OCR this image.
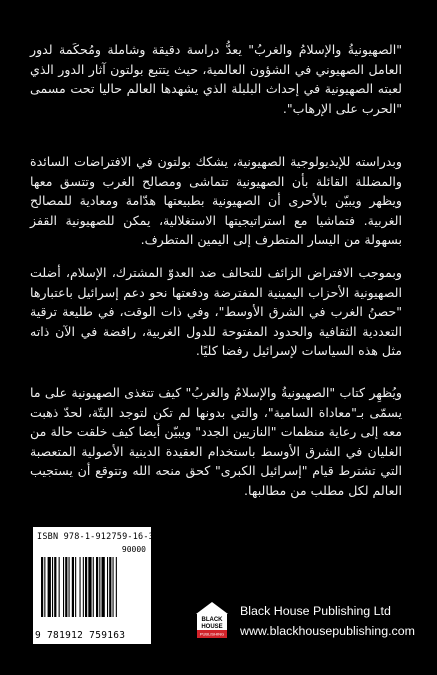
"الصهيونيةُ والإسلامُ والغربُ" يعدُّ دراسة دقيقة وشاملة ومُحكَمة لدور العامل الصهيوني في الشؤون العالمية، حيث يتتبع بولتون آثار الدور الذي لعبته الصهيونية في إحداث البلبلة الذي يشهدها العالم حاليا تحت مسمى "الحرب على الإرهاب".

وبدراسته للإيديولوجية الصهيونية، يشكك بولتون في الافتراضات السائدة والمضللة القائلة بأن الصهيونية تتماشى ومصالح الغرب وتتسق معها ويظهر ويبيّن بالأحرى أن الصهيونية بطبيعتها هدّامة ومعادية للمصالح الغربية. فتماشيا مع استراتيجيتها الاستغلالية، يمكن للصهيونية القفز بسهولة من اليسار المتطرف إلى اليمين المتطرف.

وبموجب الافتراض الزائف للتحالف ضد العدوّ المشترك، الإسلام، أضلت الصهيونية الأحزاب اليمينية المفترضة ودفعتها نحو دعم إسرائيل باعتبارها "حصنُ الغرب في الشرق الأوسط"، وفي ذات الوقت، في طليعة ترقية التعددية الثقافية والحدود المفتوحة للدول الغربية، رافضة في الآن ذاته مثل هذه السياسات لإسرائيل رفضا كليًا.

ويُظهِر كتاب "الصهيونيةُ والإسلامُ والغربُ" كيف تتغذى الصهيونية على ما يسمّى بـ"معاداة السامية"، والتي بدونها لم تكن لتوجد البتّة، لحدّ ذهبت معه إلى رعاية منظمات "النازيين الجدد" ويبيّن أيضا كيف خلقت حالة من الغليان في الشرق الأوسط باستخدام العقيدة الدينية الأصولية المتعصبة التي تشترط قيام "إسرائيل الكبرى" كحق منحه الله وتتوقع أن يستجيب العالم لكل مطلب من مطالبها.

ISBN 978-1-912759-16-3
90000
9 781912 759163
BLACK
HOUSE
PUBLISHING
Black House Publishing Ltd
www.blackhousepublishing.com
